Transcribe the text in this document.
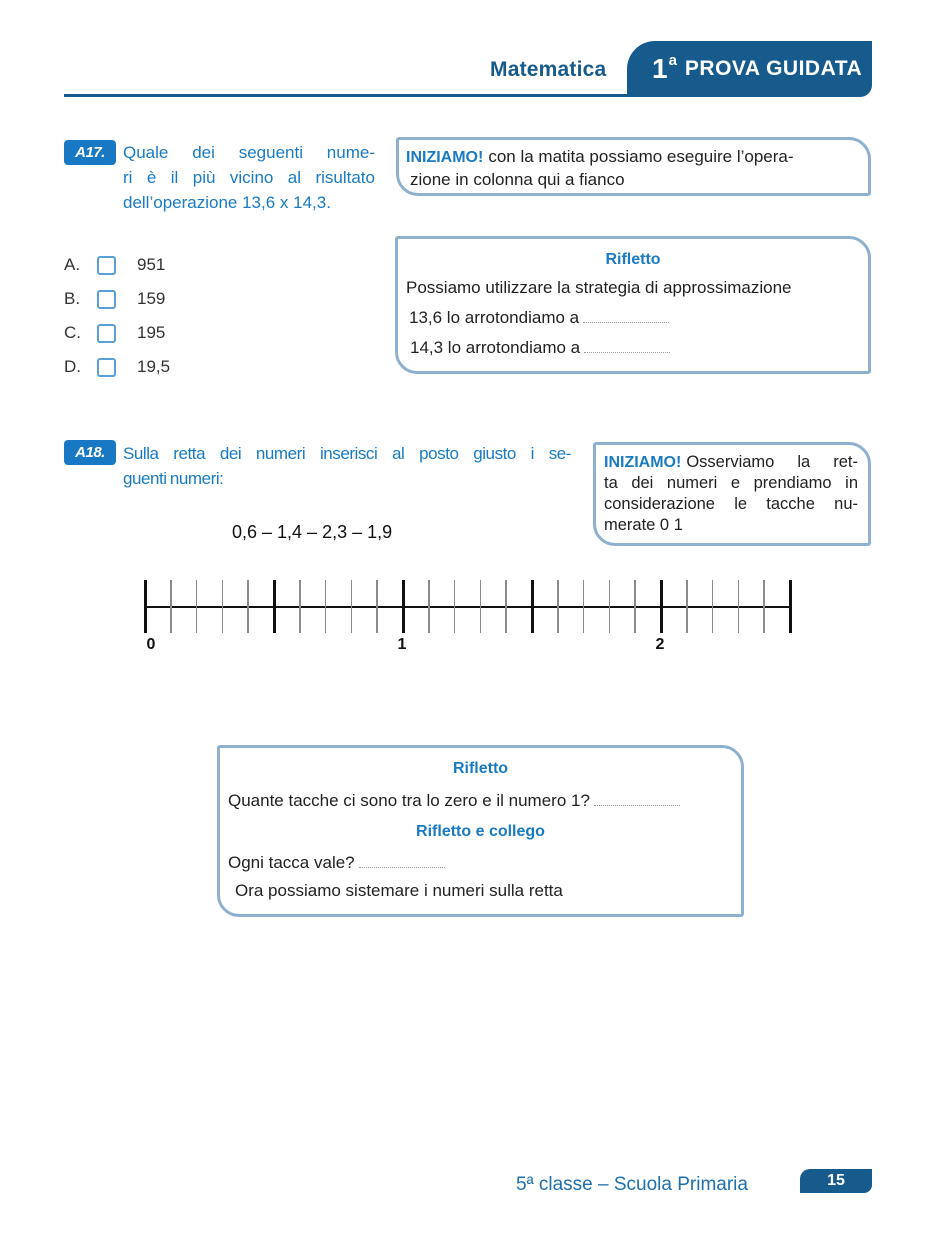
Matematica 1 a PROVA GUIDATA
A17.	Quale dei seguenti nume-
ri è il più vicino al risultato
dell’operazione 13,6 x 14,3.
A.	951
B.	159
C.	195
D.	19,5
INIZIAMO! con la matita possiamo eseguire l’opera-
zione in colonna qui a fianco
Rifletto
Possiamo utilizzare la strategia di approssimazione
13,6 lo arrotondiamo a
14,3 lo arrotondiamo a
A18.	Sulla retta dei numeri inserisci al posto giusto i se-
guenti numeri:
0,6 – 1,4 – 2,3 – 1,9
INIZIAMO! Osserviamo la ret-
ta dei numeri e prendiamo in
considerazione le tacche nu-
merate 0 1
0	1	2
Rifletto
Quante tacche ci sono tra lo zero e il numero 1?
Rifletto e collego
Ogni tacca vale?
Ora possiamo sistemare i numeri sulla retta
5ª classe – Scuola Primaria	15
